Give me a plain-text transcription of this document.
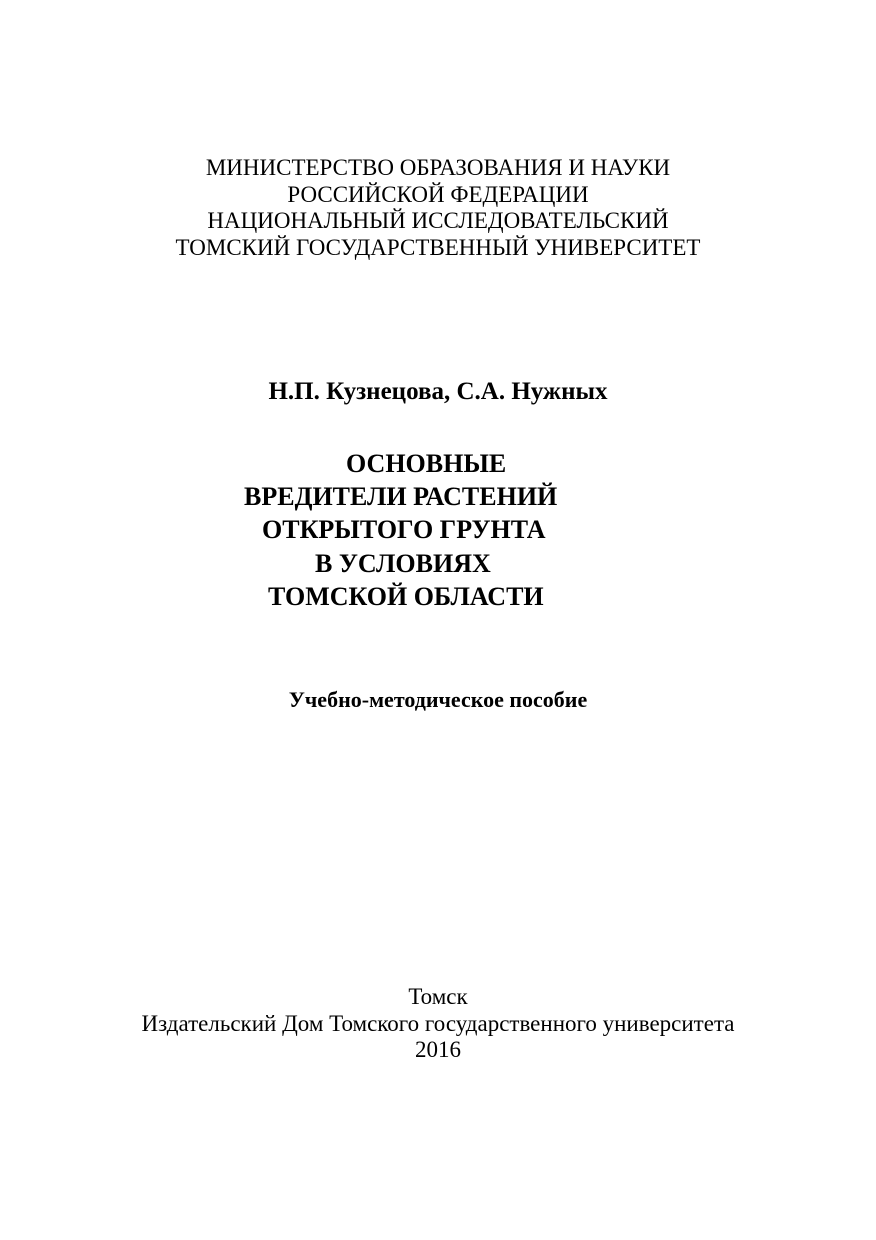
МИНИСТЕРСТВО ОБРАЗОВАНИЯ И НАУКИ
РОССИЙСКОЙ ФЕДЕРАЦИИ
НАЦИОНАЛЬНЫЙ ИССЛЕДОВАТЕЛЬСКИЙ
ТОМСКИЙ ГОСУДАРСТВЕННЫЙ УНИВЕРСИТЕТ
Н.П. Кузнецова, С.А. Нужных
ОСНОВНЫЕ
ВРЕДИТЕЛИ РАСТЕНИЙ
ОТКРЫТОГО ГРУНТА
В УСЛОВИЯХ
ТОМСКОЙ ОБЛАСТИ
Учебно-методическое пособие
Томск
Издательский Дом Томского государственного университета
2016
